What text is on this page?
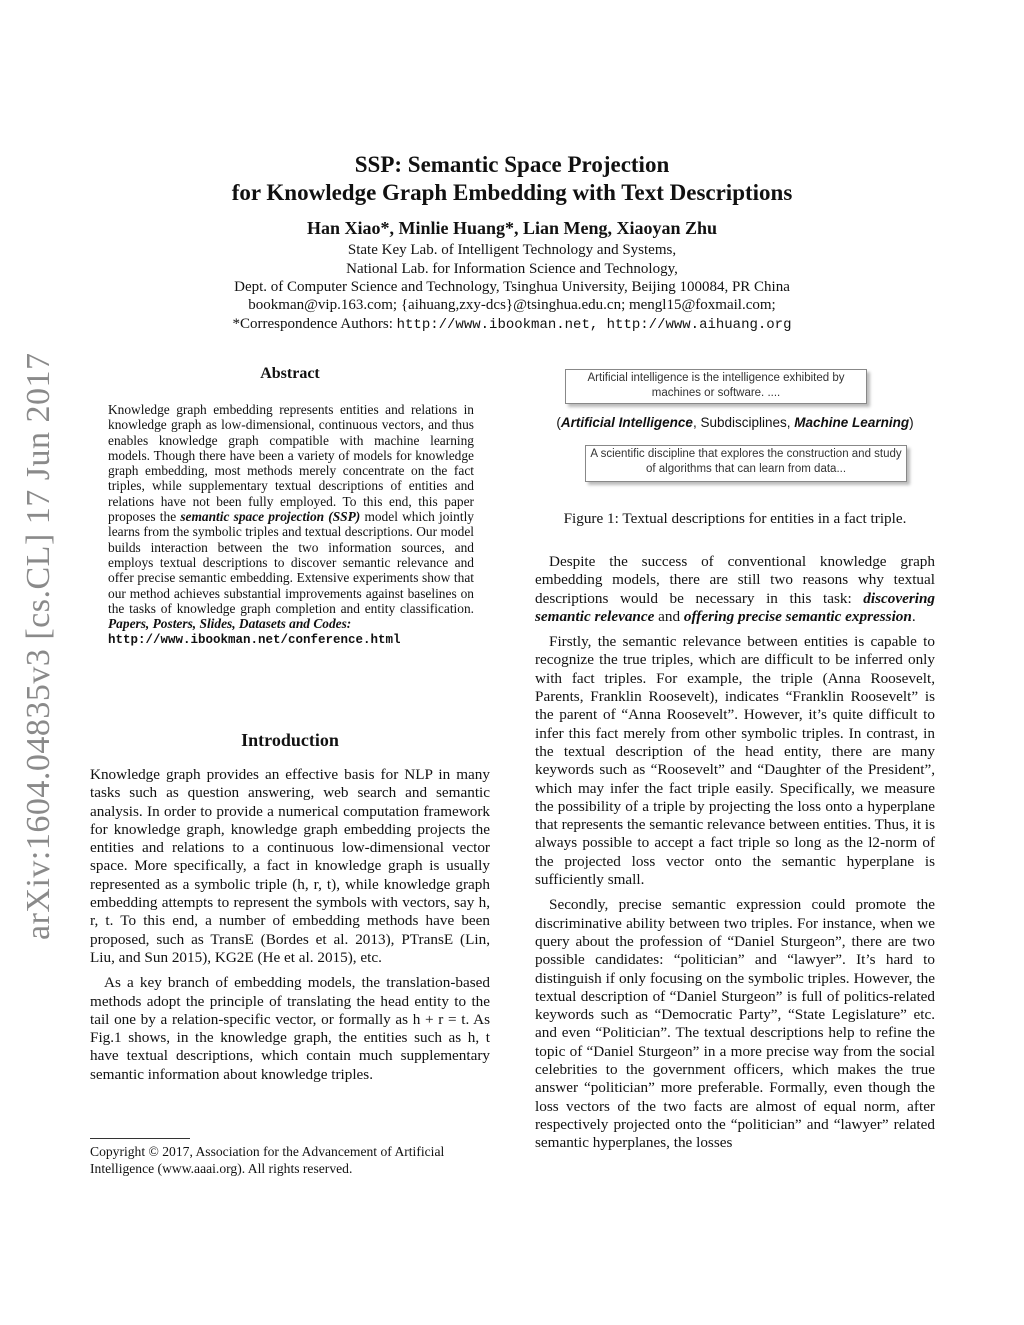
arXiv:1604.04835v3 [cs.CL] 17 Jun 2017
SSP: Semantic Space Projection
for Knowledge Graph Embedding with Text Descriptions
Han Xiao*, Minlie Huang*, Lian Meng, Xiaoyan Zhu
State Key Lab. of Intelligent Technology and Systems,
National Lab. for Information Science and Technology,
Dept. of Computer Science and Technology, Tsinghua University, Beijing 100084, PR China
bookman@vip.163.com; {aihuang,zxy-dcs}@tsinghua.edu.cn; mengl15@foxmail.com;
*Correspondence Authors: http://www.ibookman.net, http://www.aihuang.org
Abstract
Knowledge graph embedding represents entities and relations in knowledge graph as low-dimensional, continuous vectors, and thus enables knowledge graph compatible with machine learning models. Though there have been a variety of models for knowledge graph embedding, most methods merely concentrate on the fact triples, while supplementary textual descriptions of entities and relations have not been fully employed. To this end, this paper proposes the semantic space projection (SSP) model which jointly learns from the symbolic triples and textual descriptions. Our model builds interaction between the two information sources, and employs textual descriptions to discover semantic relevance and offer precise semantic embedding. Extensive experiments show that our method achieves substantial improvements against baselines on the tasks of knowledge graph completion and entity classification. Papers, Posters, Slides, Datasets and Codes:
http://www.ibookman.net/conference.html
Introduction

Knowledge graph provides an effective basis for NLP in many tasks such as question answering, web search and semantic analysis. In order to provide a numerical computation framework for knowledge graph, knowledge graph embedding projects the entities and relations to a continuous low-dimensional vector space. More specifically, a fact in knowledge graph is usually represented as a symbolic triple (h, r, t), while knowledge graph embedding attempts to represent the symbols with vectors, say h, r, t. To this end, a number of embedding methods have been proposed, such as TransE (Bordes et al. 2013), PTransE (Lin, Liu, and Sun 2015), KG2E (He et al. 2015), etc.

As a key branch of embedding models, the translation-based methods adopt the principle of translating the head entity to the tail one by a relation-specific vector, or formally as h + r = t. As Fig.1 shows, in the knowledge graph, the entities such as h, t have textual descriptions, which contain much supplementary semantic information about knowledge triples.

Copyright © 2017, Association for the Advancement of Artificial Intelligence (www.aaai.org). All rights reserved.
Artificial intelligence is the intelligence exhibited by machines or software. ....
(Artificial Intelligence, Subdisciplines, Machine Learning)
A scientific discipline that explores the construction and study of algorithms that can learn from data...
Figure 1: Textual descriptions for entities in a fact triple.

Despite the success of conventional knowledge graph embedding models, there are still two reasons why textual descriptions would be necessary in this task: discovering semantic relevance and offering precise semantic expression.

Firstly, the semantic relevance between entities is capable to recognize the true triples, which are difficult to be inferred only with fact triples. For example, the triple (Anna Roosevelt, Parents, Franklin Roosevelt), indicates “Franklin Roosevelt” is the parent of “Anna Roosevelt”. However, it’s quite difficult to infer this fact merely from other symbolic triples. In contrast, in the textual description of the head entity, there are many keywords such as “Roosevelt” and “Daughter of the President”, which may infer the fact triple easily. Specifically, we measure the possibility of a triple by projecting the loss onto a hyperplane that represents the semantic relevance between entities. Thus, it is always possible to accept a fact triple so long as the l2-norm of the projected loss vector onto the semantic hyperplane is sufficiently small.

Secondly, precise semantic expression could promote the discriminative ability between two triples. For instance, when we query about the profession of “Daniel Sturgeon”, there are two possible candidates: “politician” and “lawyer”. It’s hard to distinguish if only focusing on the symbolic triples. However, the textual description of “Daniel Sturgeon” is full of politics-related keywords such as “Democratic Party”, “State Legislature” etc. and even “Politician”. The textual descriptions help to refine the topic of “Daniel Sturgeon” in a more precise way from the social celebrities to the government officers, which makes the true answer “politician” more preferable. Formally, even though the loss vectors of the two facts are almost of equal norm, after respectively projected onto the “politician” and “lawyer” related semantic hyperplanes, the losses
